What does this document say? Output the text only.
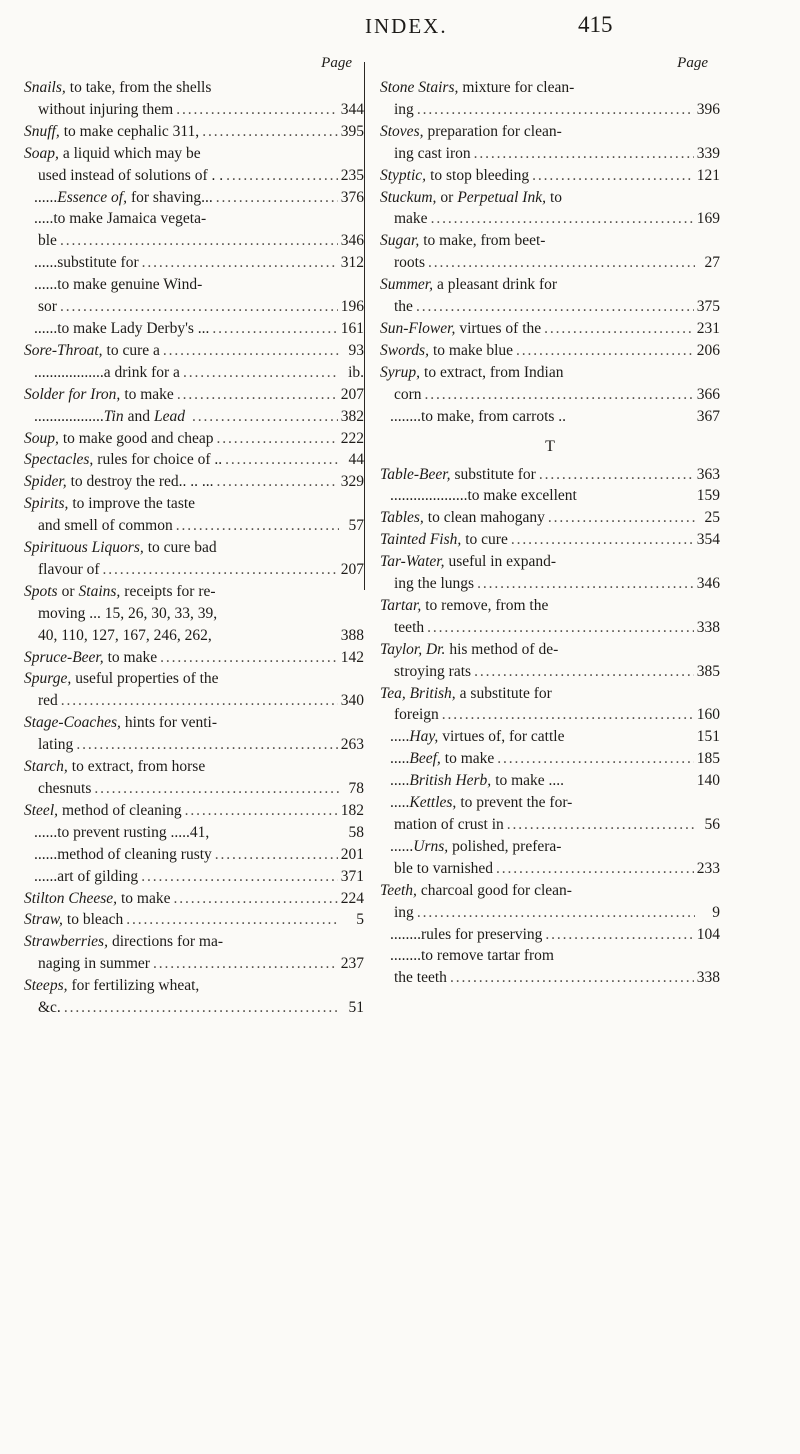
INDEX.	415
Page
Snails, to take, from the shells
without injuring them . . .	344
Snuff, to make cephalic 311, . . .	395
Soap, a liquid which may be
used instead of solutions of . . . . .	235
...... Essence of, for shaving... . . .	376
..... to make Jamaica vegeta-
ble . . .	346
...... substitute for . . .	312
...... to make genuine Wind-
sor . . .	196
...... to make Lady Derby's ... . . .	161
Sore-Throat, to cure a . . .	93
.................. a drink for a . . .	ib.
Solder for Iron, to make . . .	207
.................. Tin and Lead . . .	382
Soup, to make good and cheap . . .	222
Spectacles, rules for choice of .. . . .	44
Spider, to destroy the red.. .. ... . . .	329
Spirits, to improve the taste
and smell of common . . .	57
Spirituous Liquors, to cure bad
flavour of . . .	207
Spots or Stains, receipts for re-
moving ... 15, 26, 30, 33, 39,
40, 110, 127, 167, 246, 262,	388
Spruce-Beer, to make . . .	142
Spurge, useful properties of the
red . . .	340
Stage-Coaches, hints for venti-
lating . . .	263
Starch, to extract, from horse
chesnuts . . .	78
Steel, method of cleaning . . .	182
...... to prevent rusting .....41,	58
...... method of cleaning rusty . . .	201
...... art of gilding . . .	371
Stilton Cheese, to make . . .	224
Straw, to bleach . . .	5
Strawberries, directions for ma-
naging in summer . . .	237
Steeps, for fertilizing wheat,
&c. . . .	51
Page
Stone Stairs, mixture for clean-
ing . . .	396
Stoves, preparation for clean-
ing cast iron . . .	339
Styptic, to stop bleeding . . .	121
Stuckum, or Perpetual Ink, to
make . . .	169
Sugar, to make, from beet-
roots . . .	27
Summer, a pleasant drink for
the . . .	375
Sun-Flower, virtues of the . . .	231
Swords, to make blue . . .	206
Syrup, to extract, from Indian
corn . . .	366
........ to make, from carrots ..	367
T
Table-Beer, substitute for . . .	363
.................... to make excellent	159
Tables, to clean mahogany . . .	25
Tainted Fish, to cure . . .	354
Tar-Water, useful in expand-
ing the lungs . . .	346
Tartar, to remove, from the
teeth . . .	338
Taylor, Dr. his method of de-
stroying rats . . .	385
Tea, British, a substitute for
foreign . . .	160
..... Hay, virtues of, for cattle	151
..... Beef, to make . . .	185
..... British Herb, to make ....	140
..... Kettles, to prevent the for-
mation of crust in . . .	56
...... Urns, polished, prefera-
ble to varnished . . .	233
Teeth, charcoal good for clean-
ing . . .	9
........ rules for preserving . . .	104
........ to remove tartar from
the teeth . . .	338
